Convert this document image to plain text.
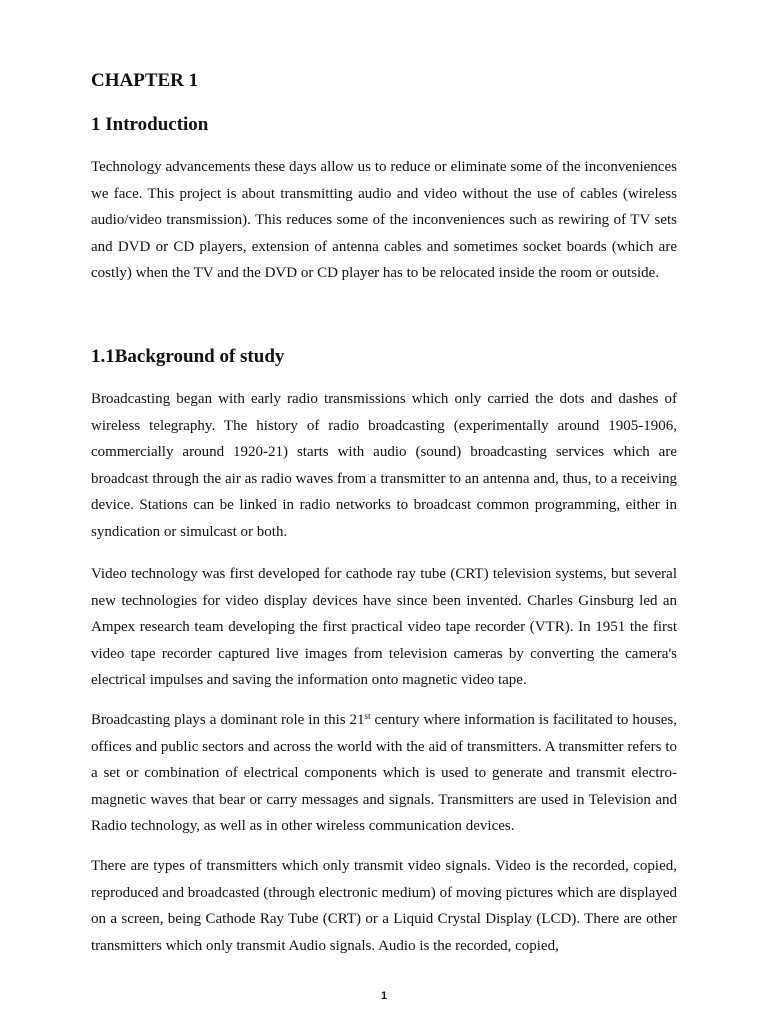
CHAPTER 1
1 Introduction

Technology advancements these days allow us to reduce or eliminate some of the inconveniences we face. This project is about transmitting audio and video without the use of cables (wireless audio/video transmission). This reduces some of the inconveniences such as rewiring of TV sets and DVD or CD players, extension of antenna cables and sometimes socket boards (which are costly) when the TV and the DVD or CD player has to be relocated inside the room or outside.

1.1Background of study

Broadcasting began with early radio transmissions which only carried the dots and dashes of wireless telegraphy. The history of radio broadcasting (experimentally around 1905-1906, commercially around 1920-21) starts with audio (sound) broadcasting services which are broadcast through the air as radio waves from a transmitter to an antenna and, thus, to a receiving device. Stations can be linked in radio networks to broadcast common programming, either in syndication or simulcast or both.

Video technology was first developed for cathode ray tube (CRT) television systems, but several new technologies for video display devices have since been invented. Charles Ginsburg led an Ampex research team developing the first practical video tape recorder (VTR). In 1951 the first video tape recorder captured live images from television cameras by converting the camera's electrical impulses and saving the information onto magnetic video tape.

Broadcasting plays a dominant role in this 21st century where information is facilitated to houses, offices and public sectors and across the world with the aid of transmitters. A transmitter refers to a set or combination of electrical components which is used to generate and transmit electro-magnetic waves that bear or carry messages and signals. Transmitters are used in Television and Radio technology, as well as in other wireless communication devices.

There are types of transmitters which only transmit video signals. Video is the recorded, copied, reproduced and broadcasted (through electronic medium) of moving pictures which are displayed on a screen, being Cathode Ray Tube (CRT) or a Liquid Crystal Display (LCD). There are other transmitters which only transmit Audio signals. Audio is the recorded, copied,

1
